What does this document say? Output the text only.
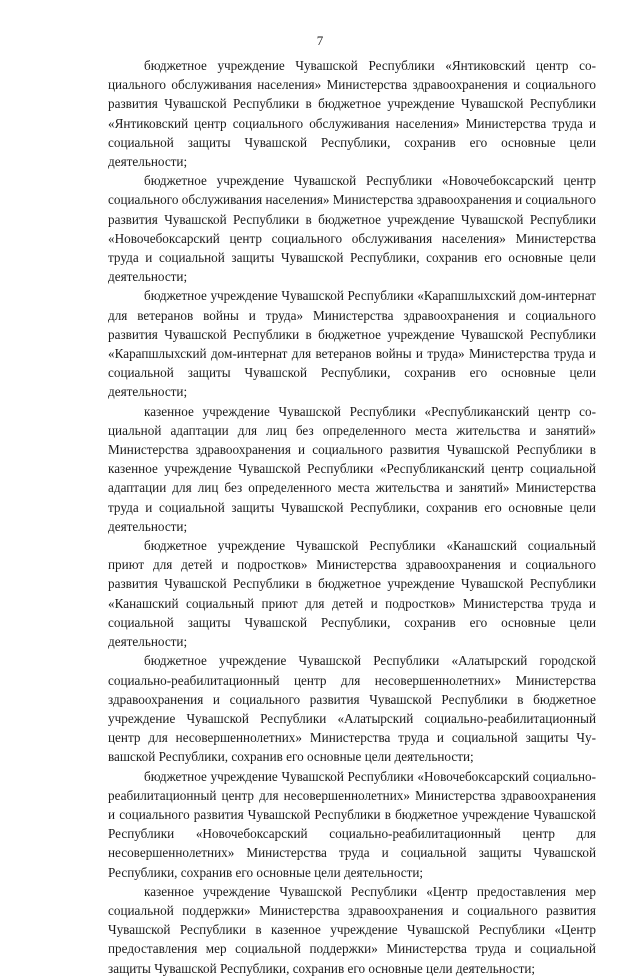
7

бюджетное учреждение Чувашской Республики «Янтиковский центр социального обслуживания населения» Министерства здравоохранения и социального развития Чувашской Республики в бюджетное учреждение Чувашской Республики «Янтиковский центр социального обслуживания населения» Министерства труда и социальной защиты Чувашской Республики, сохранив его основные цели деятельности;

бюджетное учреждение Чувашской Республики «Новочебоксарский центр социального обслуживания населения» Министерства здравоохранения и социального развития Чувашской Республики в бюджетное учреждение Чувашской Республики «Новочебоксарский центр социального обслуживания населения» Министерства труда и социальной защиты Чувашской Республики, сохранив его основные цели деятельности;

бюджетное учреждение Чувашской Республики «Карапшлыхский дом-интернат для ветеранов войны и труда» Министерства здравоохранения и социального развития Чувашской Республики в бюджетное учреждение Чувашской Республики «Карапшлыхский дом-интернат для ветеранов войны и труда» Министерства труда и социальной защиты Чувашской Республики, сохранив его основные цели деятельности;

казенное учреждение Чувашской Республики «Республиканский центр социальной адаптации для лиц без определенного места жительства и занятий» Министерства здравоохранения и социального развития Чувашской Республики в казенное учреждение Чувашской Республики «Республиканский центр социальной адаптации для лиц без определенного места жительства и занятий» Министерства труда и социальной защиты Чувашской Республики, сохранив его основные цели деятельности;

бюджетное учреждение Чувашской Республики «Канашский социальный приют для детей и подростков» Министерства здравоохранения и социального развития Чувашской Республики в бюджетное учреждение Чувашской Республики «Канашский социальный приют для детей и подростков» Министерства труда и социальной защиты Чувашской Республики, сохранив его основные цели деятельности;

бюджетное учреждение Чувашской Республики «Алатырский городской социально-реабилитационный центр для несовершеннолетних» Министерства здравоохранения и социального развития Чувашской Республики в бюджетное учреждение Чувашской Республики «Алатырский социально-реабилитационный центр для несовершеннолетних» Министерства труда и социальной защиты Чувашской Республики, сохранив его основные цели деятельности;

бюджетное учреждение Чувашской Республики «Новочебоксарский социально-реабилитационный центр для несовершеннолетних» Министерства здравоохранения и социального развития Чувашской Республики в бюджетное учреждение Чувашской Республики «Новочебоксарский социально-реабилитационный центр для несовершеннолетних» Министерства труда и социальной защиты Чувашской Республики, сохранив его основные цели деятельности;

казенное учреждение Чувашской Республики «Центр предоставления мер социальной поддержки» Министерства здравоохранения и социального развития Чувашской Республики в казенное учреждение Чувашской Республики «Центр предоставления мер социальной поддержки» Министерства труда и социальной защиты Чувашской Республики, сохранив его основные цели деятельности;
